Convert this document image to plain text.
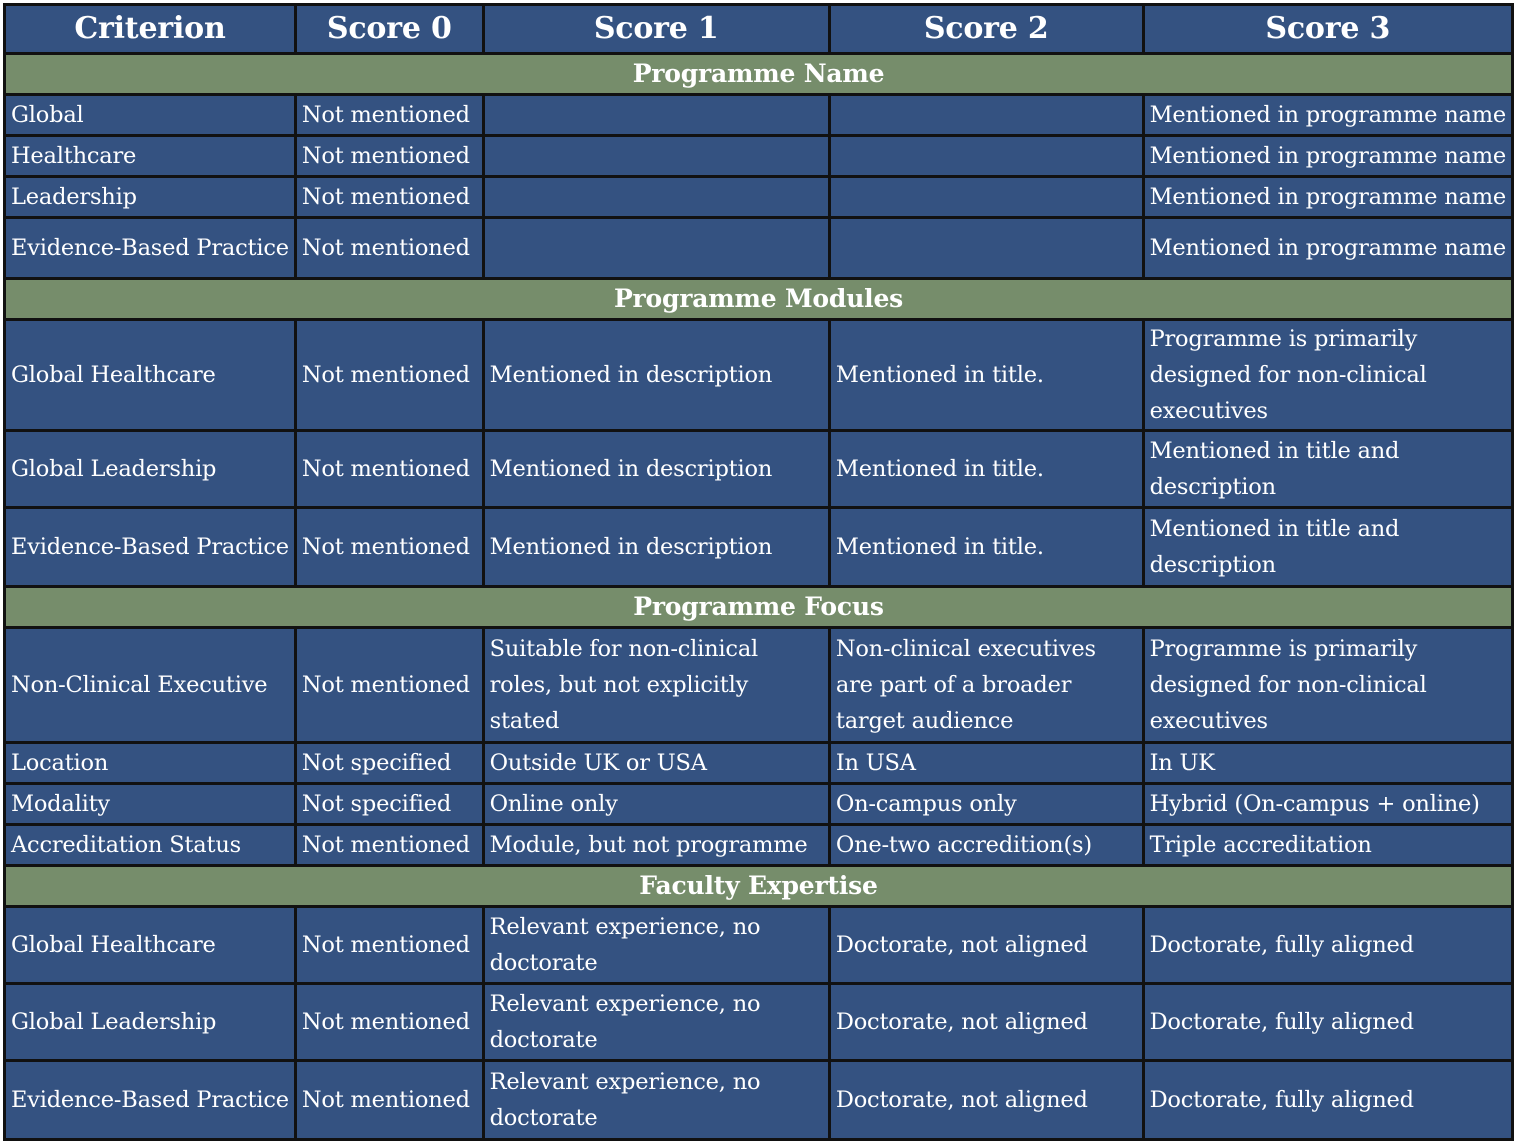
Criterion	Score 0	Score 1	Score 2	Score 3
Programme Name				
Global	Not mentioned			Mentioned in programme name
Healthcare	Not mentioned			Mentioned in programme name
Leadership	Not mentioned			Mentioned in programme name
Evidence-Based Practice	Not mentioned			Mentioned in programme name
Programme Modules				
Global Healthcare	Not mentioned	Mentioned in description	Mentioned in title.	Programme is primarily designed for non-clinical executives
Global Leadership	Not mentioned	Mentioned in description	Mentioned in title.	Mentioned in title and description
Evidence-Based Practice	Not mentioned	Mentioned in description	Mentioned in title.	Mentioned in title and description
Programme Focus				
Non-Clinical Executive	Not mentioned	Suitable for non-clinical roles, but not explicitly stated	Non-clinical executives are part of a broader target audience	Programme is primarily designed for non-clinical executives
Location	Not specified	Outside UK or USA	In USA	In UK
Modality	Not specified	Online only	On-campus only	Hybrid (On-campus + online)
Accreditation Status	Not mentioned	Module, but not programme	One-two accredition(s)	Triple accreditation
Faculty Expertise				
Global Healthcare	Not mentioned	Relevant experience, no doctorate	Doctorate, not aligned	Doctorate, fully aligned
Global Leadership	Not mentioned	Relevant experience, no doctorate	Doctorate, not aligned	Doctorate, fully aligned
Evidence-Based Practice	Not mentioned	Relevant experience, no doctorate	Doctorate, not aligned	Doctorate, fully aligned
